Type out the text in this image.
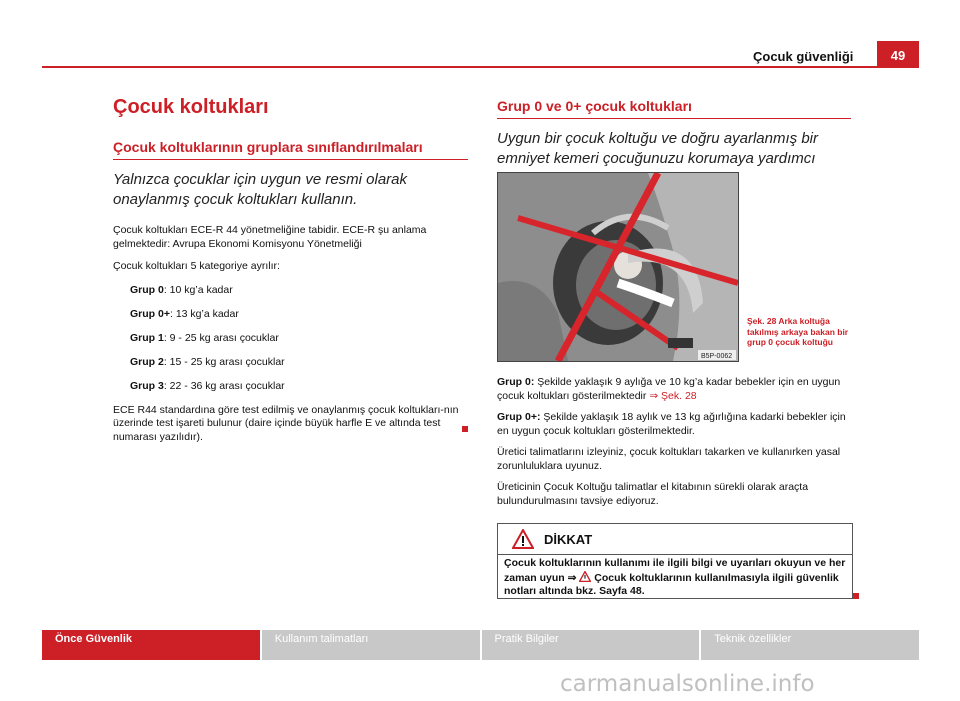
Çocuk güvenliği	49
Çocuk koltukları
Çocuk koltuklarının gruplara sınıflandırılmaları
Yalnızca çocuklar için uygun ve resmi olarak onaylanmış çocuk koltukları kullanın.

Çocuk koltukları ECE-R 44 yönetmeliğine tabidir. ECE-R şu anlama gelmektedir: Avrupa Ekonomi Komisyonu Yönetmeliği

Çocuk koltukları 5 kategoriye ayrılır:

Grup 0: 10 kg’a kadar
Grup 0+: 13 kg’a kadar
Grup 1: 9 - 25 kg arası çocuklar
Grup 2: 15 - 25 kg arası çocuklar
Grup 3: 22 - 36 kg arası çocuklar

ECE R44 standardına göre test edilmiş ve onaylanmış çocuk koltukları-nın üzerinde test işareti bulunur (daire içinde büyük harfle E ve altında test numarası yazılıdır).

Grup 0 ve 0+ çocuk koltukları
Uygun bir çocuk koltuğu ve doğru ayarlanmış bir emniyet kemeri çocuğunuzu korumaya yardımcı
B5P-0062
Şek. 28 Arka koltuğa takılmış arkaya bakan bir grup 0 çocuk koltuğu

Grup 0: Şekilde yaklaşık 9 aylığa ve 10 kg’a kadar bebekler için en uygun çocuk koltukları gösterilmektedir ⇒ Şek. 28

Grup 0+: Şekilde yaklaşık 18 aylık ve 13 kg ağırlığına kadarki bebekler için en uygun çocuk koltukları gösterilmektedir.

Üretici talimatlarını izleyiniz, çocuk koltukları takarken ve kullanırken yasal zorunluluklara uyunuz.

Üreticinin Çocuk Koltuğu talimatlar el kitabının sürekli olarak araçta bulundurulmasını tavsiye ediyoruz.

DİKKAT
Çocuk koltuklarının kullanımı ile ilgili bilgi ve uyarıları okuyun ve her zaman uyun ⇒  Çocuk koltuklarının kullanılmasıyla ilgili güvenlik notları altında bkz. Sayfa 48.
Önce Güvenlik	Kullanım talimatları	Pratik Bilgiler	Teknik özellikler
carmanualsonline.info
